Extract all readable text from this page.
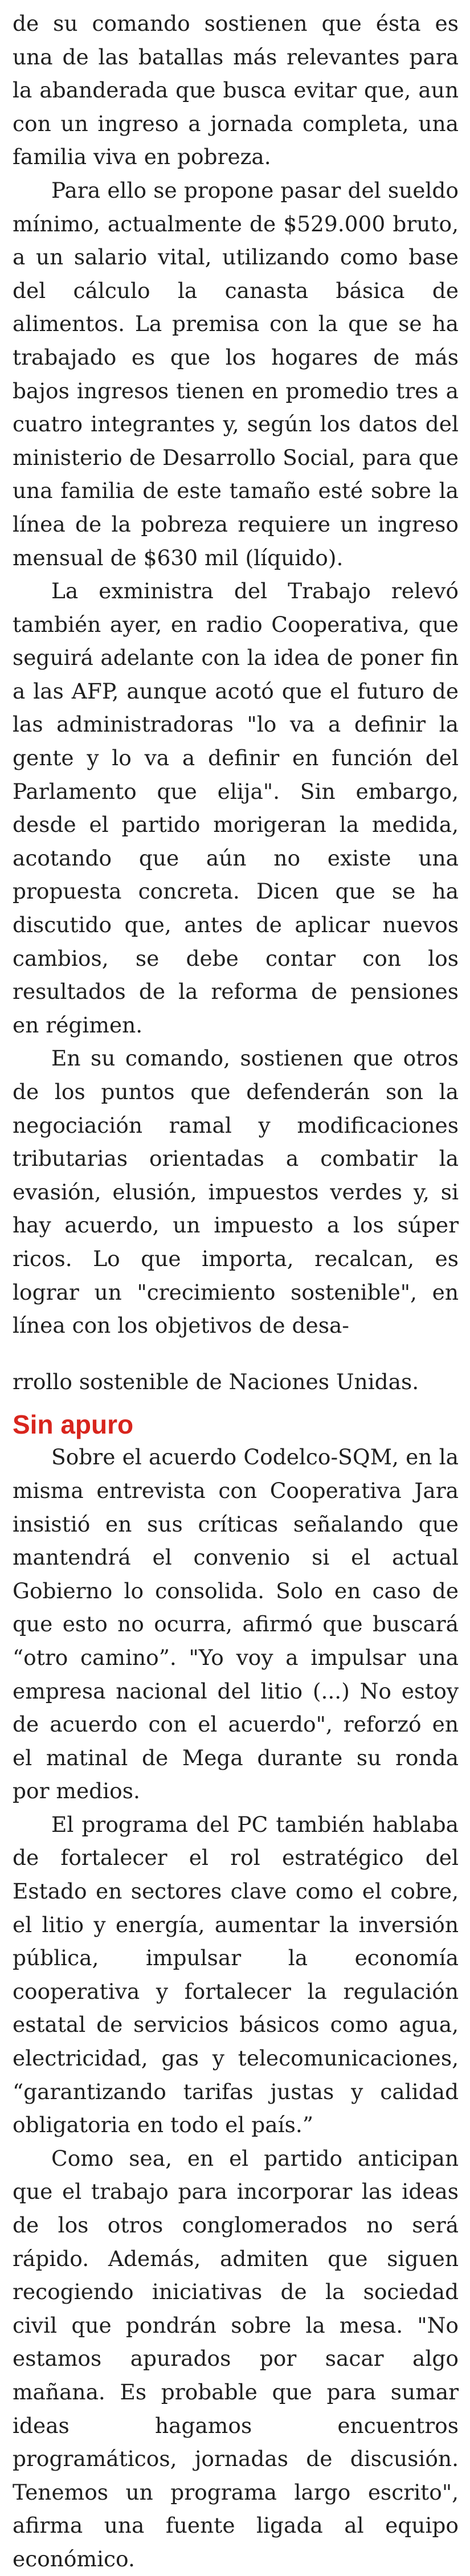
de su comando sostienen que ésta es una de las batallas más relevantes para la abanderada que busca evitar que, aun con un ingreso a jornada completa, una familia viva en pobreza.

Para ello se propone pasar del sueldo mínimo, actualmente de $529.000 bruto, a un salario vital, utilizando como base del cálculo la canasta básica de alimentos. La premisa con la que se ha trabajado es que los hogares de más bajos ingresos tienen en promedio tres a cuatro integrantes y, según los datos del ministerio de Desarrollo Social, para que una familia de este tamaño esté sobre la línea de la pobreza requiere un ingreso mensual de $630 mil (líquido).

La exministra del Trabajo relevó también ayer, en radio Cooperativa, que seguirá adelante con la idea de poner fin a las AFP, aunque acotó que el futuro de las administradoras "lo va a definir la gente y lo va a definir en función del Parlamento que elija". Sin embargo, desde el partido morigeran la medida, acotando que aún no existe una propuesta concreta. Dicen que se ha discutido que, antes de aplicar nuevos cambios, se debe contar con los resultados de la reforma de pensiones en régimen.

En su comando, sostienen que otros de los puntos que defenderán son la negociación ramal y modificaciones tributarias orientadas a combatir la evasión, elusión, impuestos verdes y, si hay acuerdo, un impuesto a los súper ricos. Lo que importa, recalcan, es lograr un "crecimiento sostenible", en línea con los objetivos de desa-

rrollo sostenible de Naciones Unidas.

Sin apuro

Sobre el acuerdo Codelco-SQM, en la misma entrevista con Cooperativa Jara insistió en sus críticas señalando que mantendrá el convenio si el actual Gobierno lo consolida. Solo en caso de que esto no ocurra, afirmó que buscará “otro camino”. "Yo voy a impulsar una empresa nacional del litio (...) No estoy de acuerdo con el acuerdo", reforzó en el matinal de Mega durante su ronda por medios.

El programa del PC también hablaba de fortalecer el rol estratégico del Estado en sectores clave como el cobre, el litio y energía, aumentar la inversión pública, impulsar la economía cooperativa y fortalecer la regulación estatal de servicios básicos como agua, electricidad, gas y telecomunicaciones, “garantizando tarifas justas y calidad obligatoria en todo el país.”

Como sea, en el partido anticipan que el trabajo para incorporar las ideas de los otros conglomerados no será rápido. Además, admiten que siguen recogiendo iniciativas de la sociedad civil que pondrán sobre la mesa. "No estamos apurados por sacar algo mañana. Es probable que para sumar ideas hagamos encuentros programáticos, jornadas de discusión. Tenemos un programa largo escrito", afirma una fuente ligada al equipo económico.
